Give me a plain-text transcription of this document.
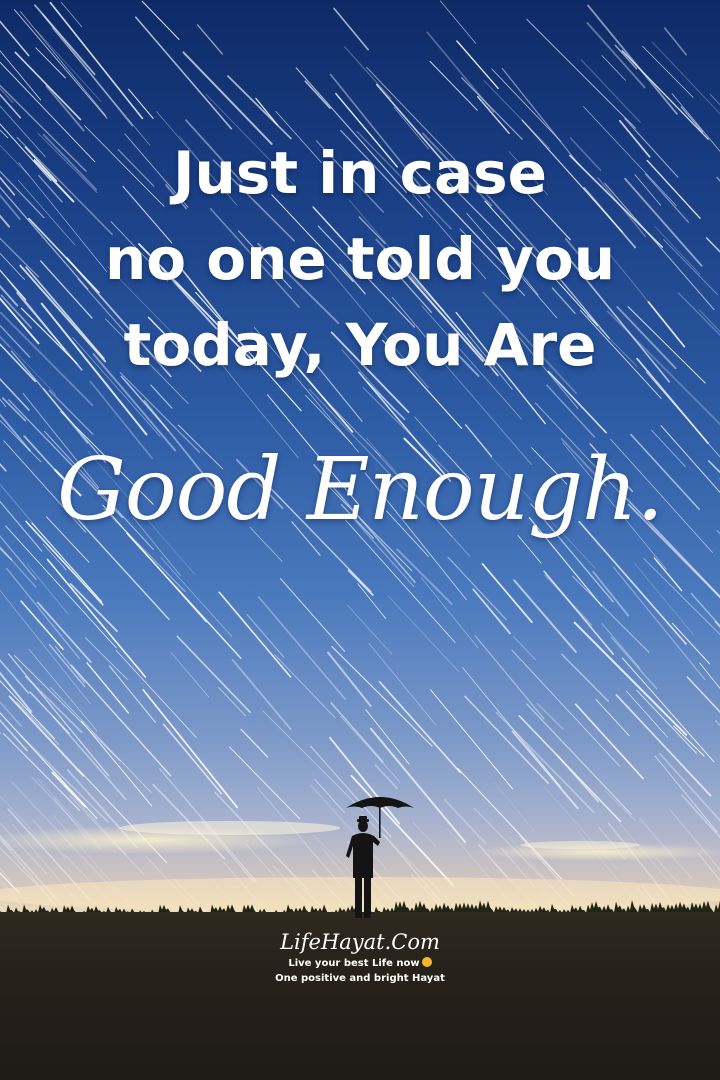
Just in case
no one told you
today, You Are
Good Enough.
LifeHayat.Com
Live your best Life now
One positive and bright Hayat
